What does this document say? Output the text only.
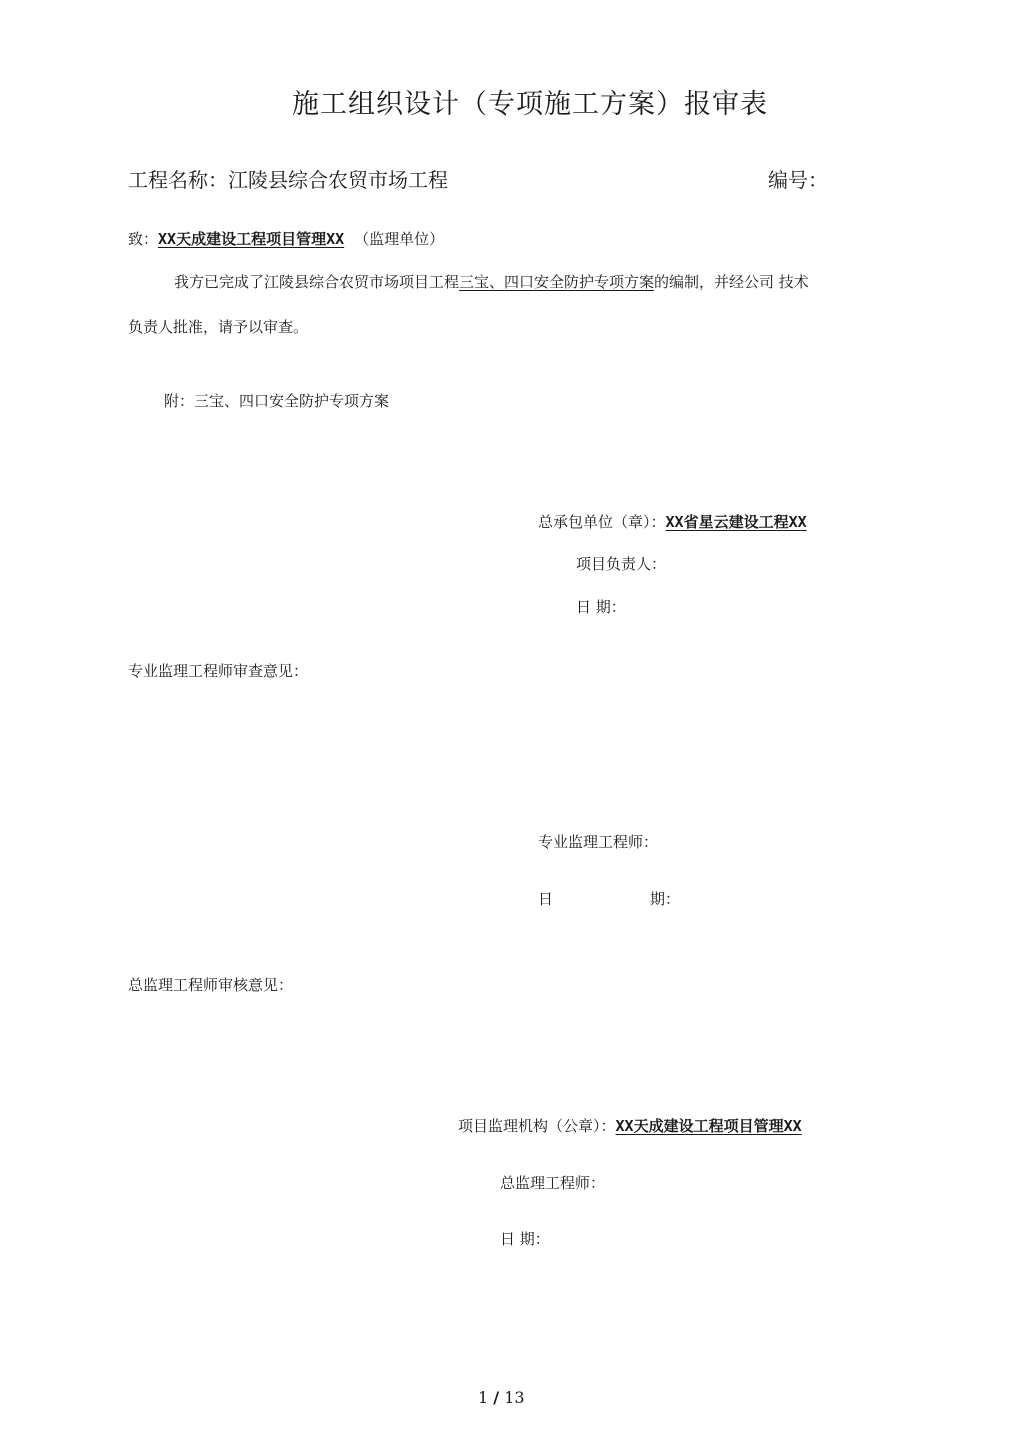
施工组织设计（专项施工方案）报审表
工程名称：江陵县综合农贸市场工程	编号：
致：XX天成建设工程项目管理XX （监理单位）
我方已完成了江陵县综合农贸市场项目工程三宝、四口安全防护专项方案的编制，并经公司 技术
负责人批准，请予以审查。
附：三宝、四口安全防护专项方案
总承包单位（章）：XX省星云建设工程XX
项目负责人：
日 期：
专业监理工程师审查意见：
专业监理工程师：
日	期：
总监理工程师审核意见：
项目监理机构（公章）：XX天成建设工程项目管理XX
总监理工程师：
日 期：
1 / 13
